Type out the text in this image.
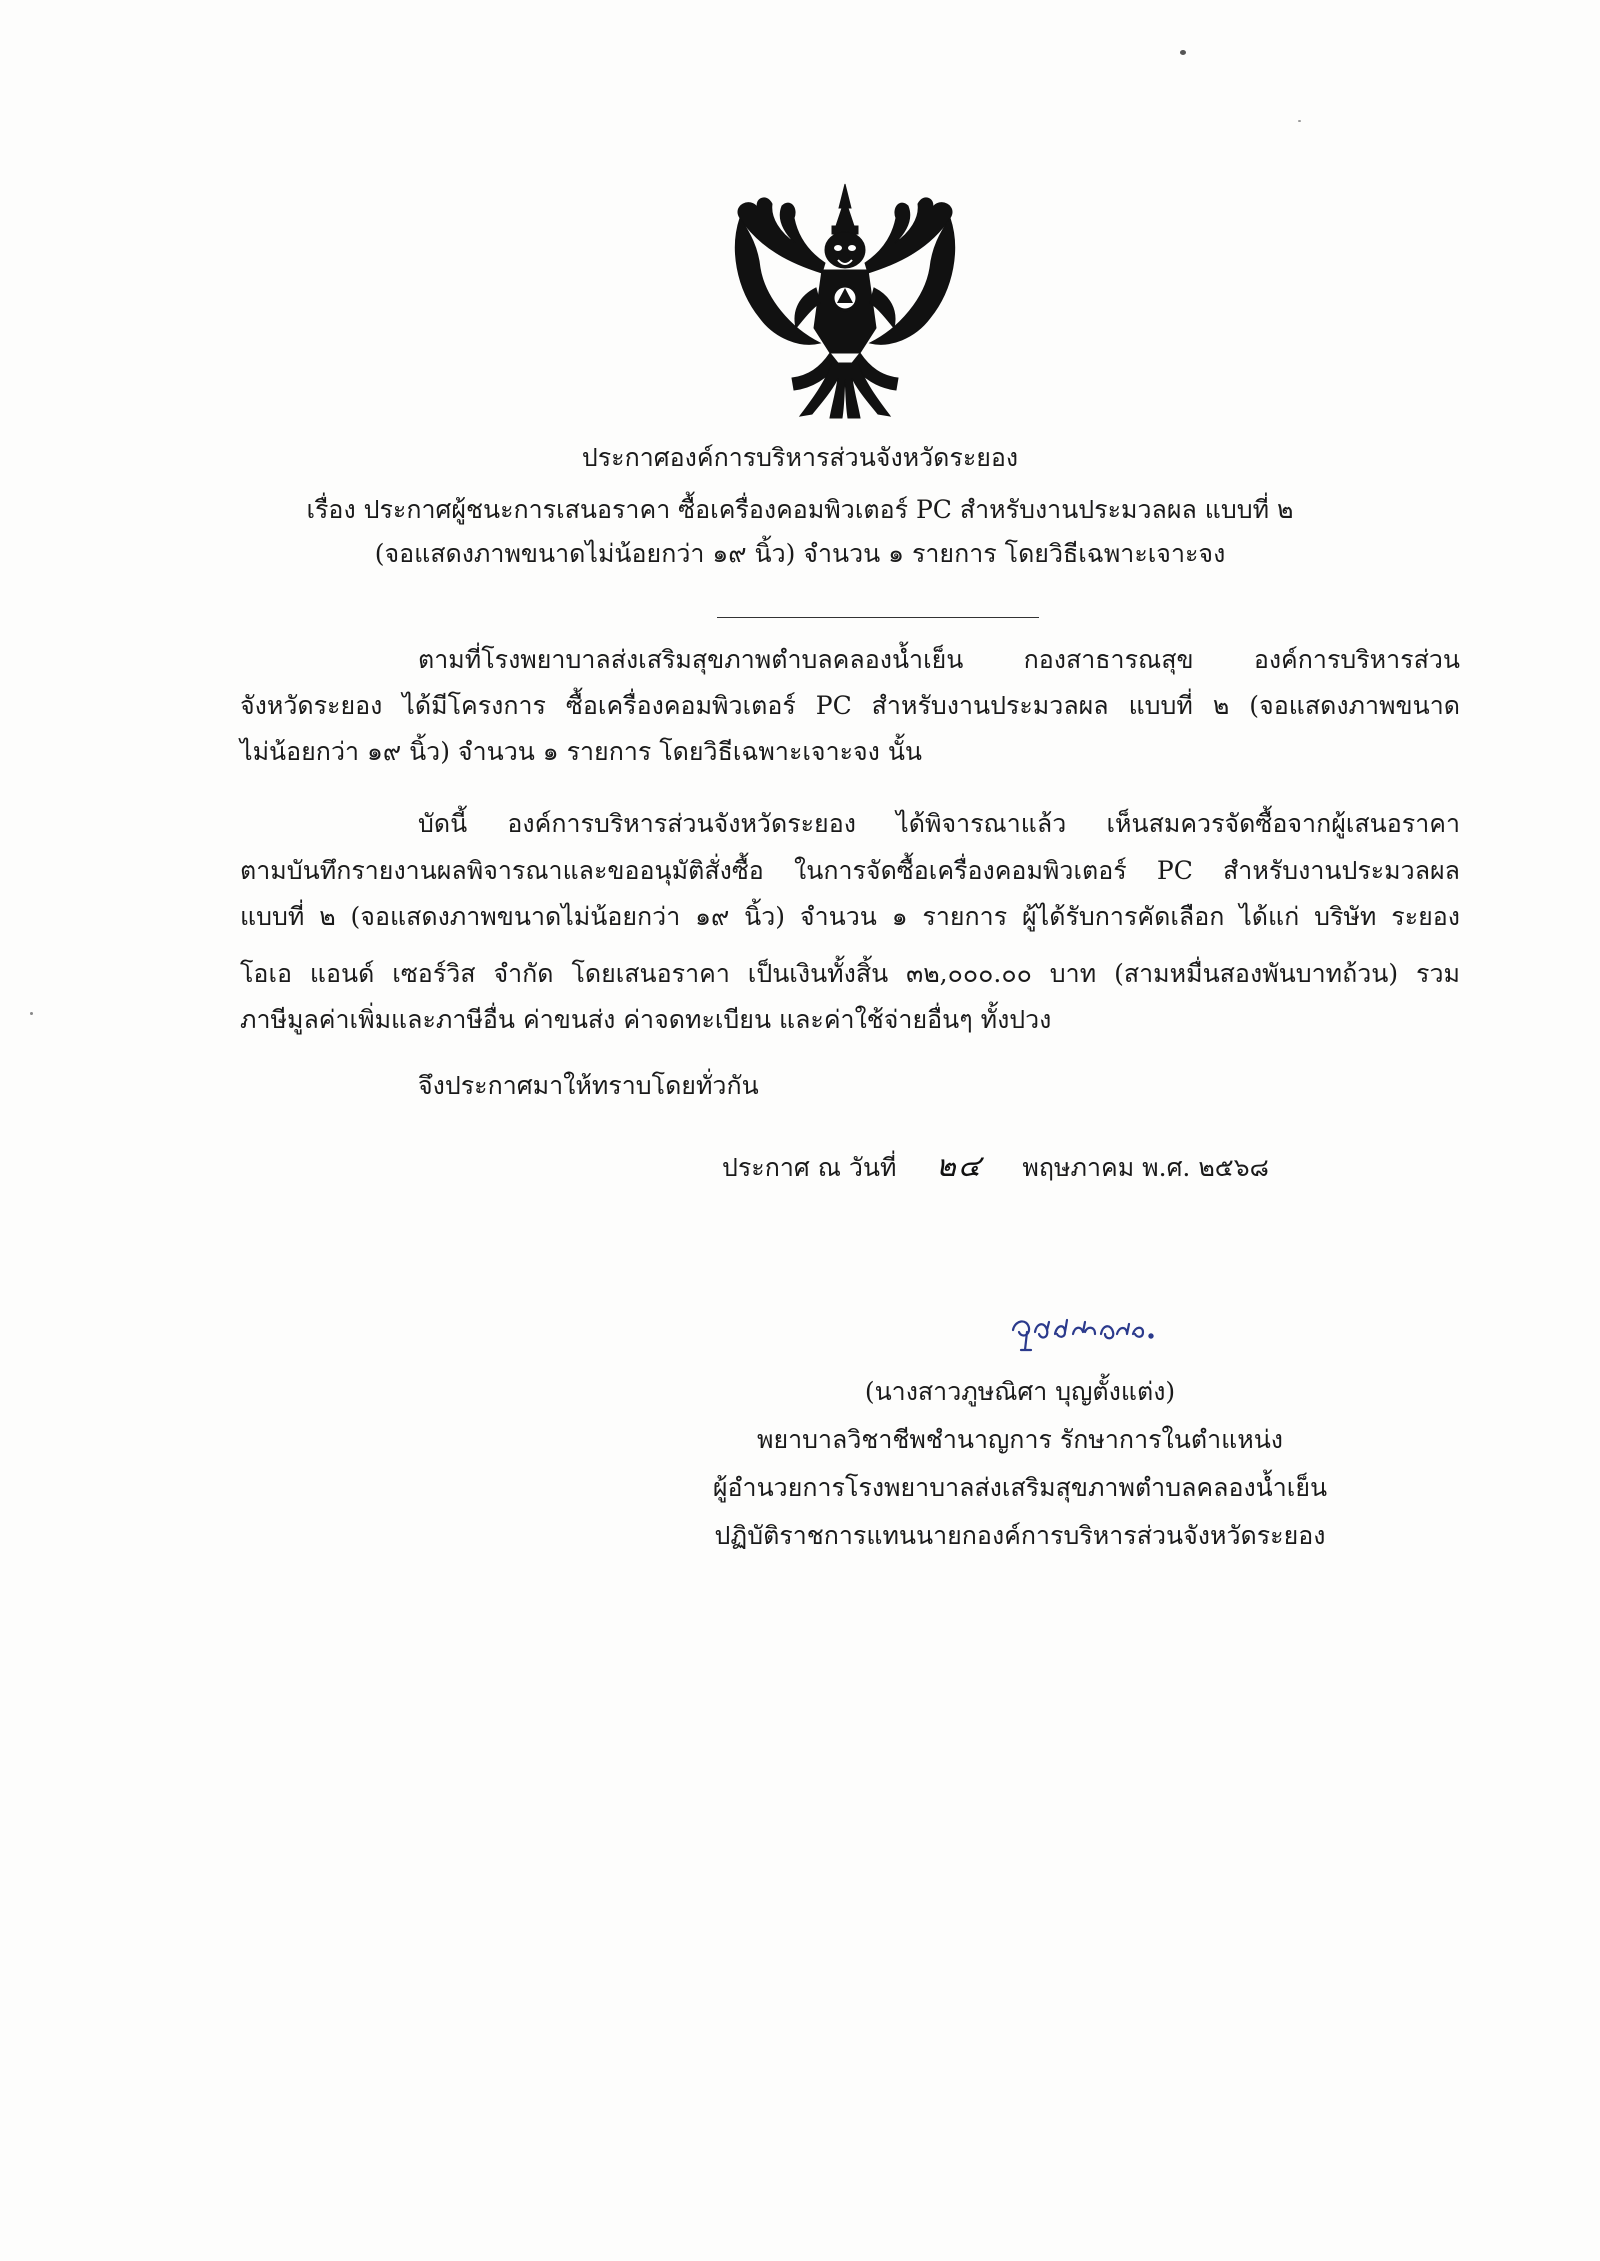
ประกาศองค์การบริหารส่วนจังหวัดระยอง
เรื่อง ประกาศผู้ชนะการเสนอราคา ซื้อเครื่องคอมพิวเตอร์ PC สำหรับงานประมวลผล แบบที่ ๒
(จอแสดงภาพขนาดไม่น้อยกว่า ๑๙ นิ้ว) จำนวน ๑ รายการ โดยวิธีเฉพาะเจาะจง
ตามที่โรงพยาบาลส่งเสริมสุขภาพตำบลคลองน้ำเย็น กองสาธารณสุข องค์การบริหารส่วน
จังหวัดระยอง ได้มีโครงการ ซื้อเครื่องคอมพิวเตอร์ PC สำหรับงานประมวลผล แบบที่ ๒ (จอแสดงภาพขนาด
ไม่น้อยกว่า ๑๙ นิ้ว) จำนวน ๑ รายการ โดยวิธีเฉพาะเจาะจง นั้น
บัดนี้ องค์การบริหารส่วนจังหวัดระยอง ได้พิจารณาแล้ว เห็นสมควรจัดซื้อจากผู้เสนอราคา
ตามบันทึกรายงานผลพิจารณาและขออนุมัติสั่งซื้อ ในการจัดซื้อเครื่องคอมพิวเตอร์ PC สำหรับงานประมวลผล
แบบที่ ๒ (จอแสดงภาพขนาดไม่น้อยกว่า ๑๙ นิ้ว) จำนวน ๑ รายการ ผู้ได้รับการคัดเลือก ได้แก่ บริษัท ระยอง
โอเอ แอนด์ เซอร์วิส จำกัด โดยเสนอราคา เป็นเงินทั้งสิ้น ๓๒,๐๐๐.๐๐ บาท (สามหมื่นสองพันบาทถ้วน) รวม
ภาษีมูลค่าเพิ่มและภาษีอื่น ค่าขนส่ง ค่าจดทะเบียน และค่าใช้จ่ายอื่นๆ ทั้งปวง
จึงประกาศมาให้ทราบโดยทั่วกัน
ประกาศ ณ วันที่ ๒๔ พฤษภาคม พ.ศ. ๒๕๖๘
(นางสาวภูษณิศา บุญตั้งแต่ง)
พยาบาลวิชาชีพชำนาญการ รักษาการในตำแหน่ง
ผู้อำนวยการโรงพยาบาลส่งเสริมสุขภาพตำบลคลองน้ำเย็น
ปฏิบัติราชการแทนนายกองค์การบริหารส่วนจังหวัดระยอง
